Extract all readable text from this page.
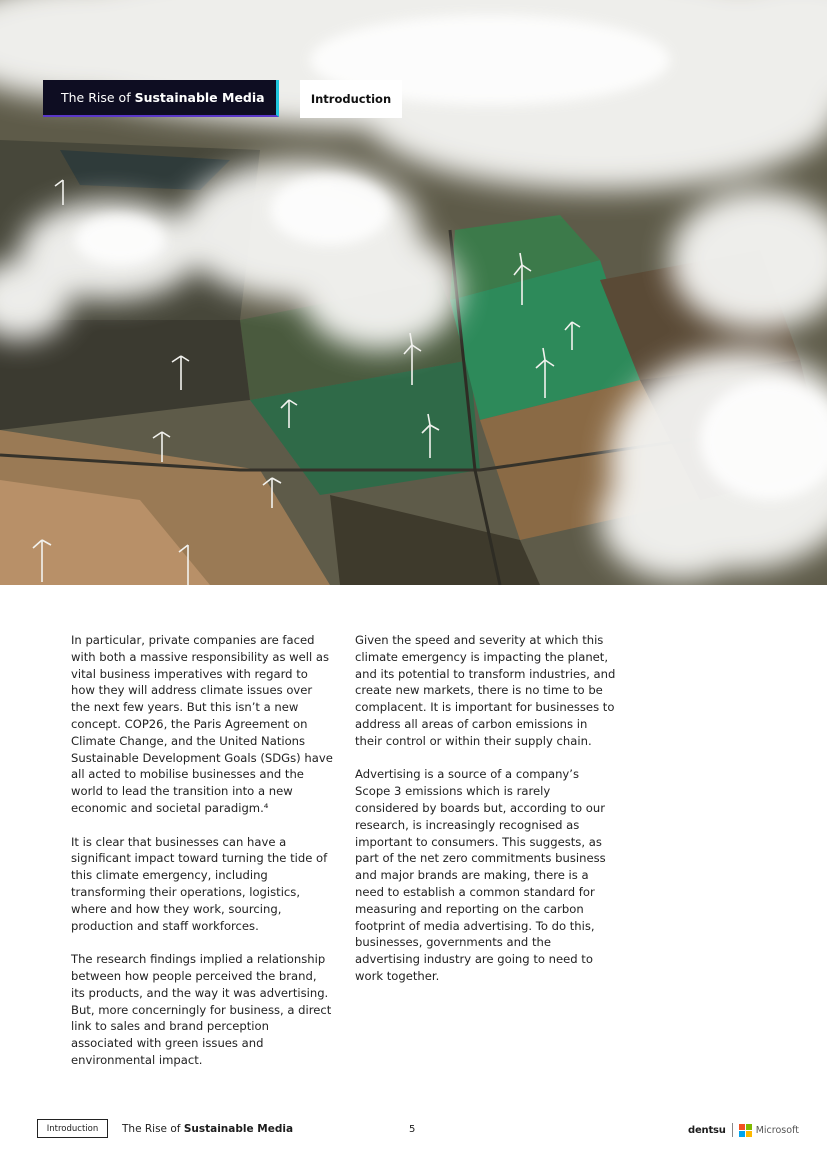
The Rise of Sustainable Media	Introduction

In particular, private companies are faced with both a massive responsibility as well as vital business imperatives with regard to how they will address climate issues over the next few years. But this isn’t a new concept. COP26, the Paris Agreement on Climate Change, and the United Nations Sustainable Development Goals (SDGs) have all acted to mobilise businesses and the world to lead the transition into a new economic and societal paradigm.⁴

It is clear that businesses can have a significant impact toward turning the tide of this climate emergency, including transforming their operations, logistics, where and how they work, sourcing, production and staff workforces.

The research findings implied a relationship between how people perceived the brand, its products, and the way it was advertising. But, more concerningly for business, a direct link to sales and brand perception associated with green issues and environmental impact.

Given the speed and severity at which this climate emergency is impacting the planet, and its potential to transform industries, and create new markets, there is no time to be complacent. It is important for businesses to address all areas of carbon emissions in their control or within their supply chain.

Advertising is a source of a company’s Scope 3 emissions which is rarely considered by boards but, according to our research, is increasingly recognised as important to consumers. This suggests, as part of the net zero commitments business and major brands are making, there is a need to establish a common standard for measuring and reporting on the carbon footprint of media advertising. To do this, businesses, governments and the advertising industry are going to need to work together.

Introduction	The Rise of Sustainable Media	5	dentsu	Microsoft
